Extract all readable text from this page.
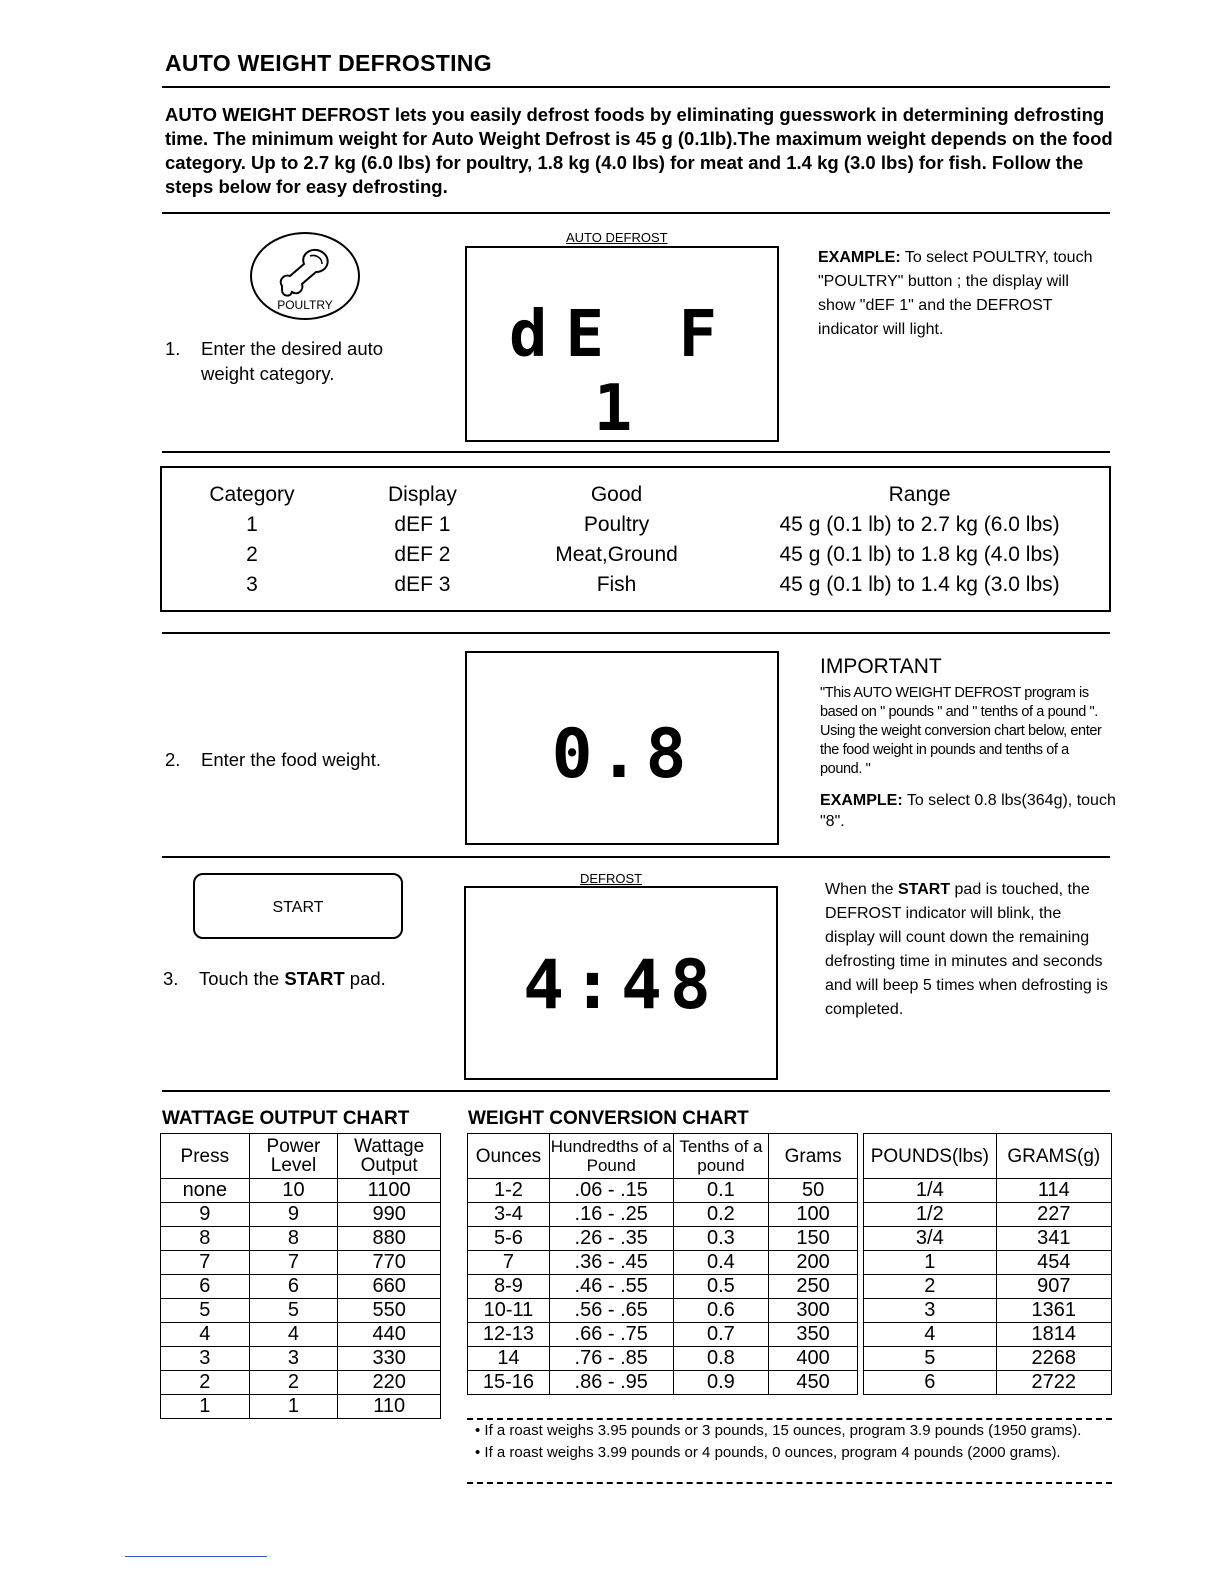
AUTO WEIGHT DEFROSTING
AUTO WEIGHT DEFROST lets you easily defrost foods by eliminating guesswork in determining defrosting time. The minimum weight for Auto Weight Defrost is 45 g (0.1lb).The maximum weight depends on the food category. Up to 2.7 kg (6.0 lbs) for poultry, 1.8 kg (4.0 lbs) for meat and 1.4 kg (3.0 lbs) for fish. Follow the steps below for easy defrosting.
POULTRY
1. Enter the desired auto weight category.
AUTO DEFROST
dE F 1
EXAMPLE: To select POULTRY, touch "POULTRY" button ; the display will show "dEF 1" and the DEFROST indicator will light.
Category	Display	Good	Range
1	dEF 1	Poultry	45 g (0.1 lb) to 2.7 kg (6.0 lbs)
2	dEF 2	Meat,Ground	45 g (0.1 lb) to 1.8 kg (4.0 lbs)
3	dEF 3	Fish	45 g (0.1 lb) to 1.4 kg (3.0 lbs)
2. Enter the food weight.	0.8
IMPORTANT
"This AUTO WEIGHT DEFROST program is based on " pounds " and " tenths of a pound ". Using the weight conversion chart below, enter the food weight in pounds and tenths of a pound. "
EXAMPLE: To select 0.8 lbs(364g), touch "8".
START
3. Touch the START pad.
DEFROST
4:48
When the START pad is touched, the DEFROST indicator will blink, the display will count down the remaining defrosting time in minutes and seconds and will beep 5 times when defrosting is completed.
WATTAGE OUTPUT CHART	WEIGHT CONVERSION CHART
Press	Power Level	Wattage Output
none	10	1100
9	9	990
8	8	880
7	7	770
6	6	660
5	5	550
4	4	440
3	3	330
2	2	220
1	1	110
Ounces	Hundredths of a Pound	Tenths of a pound	Grams
1-2	.06 - .15	0.1	50
3-4	.16 - .25	0.2	100
5-6	.26 - .35	0.3	150
7	.36 - .45	0.4	200
8-9	.46 - .55	0.5	250
10-11	.56 - .65	0.6	300
12-13	.66 - .75	0.7	350
14	.76 - .85	0.8	400
15-16	.86 - .95	0.9	450
POUNDS(lbs)	GRAMS(g)
1/4	114
1/2	227
3/4	341
1	454
2	907
3	1361
4	1814
5	2268
6	2722
• If a roast weighs 3.95 pounds or 3 pounds, 15 ounces, program 3.9 pounds (1950 grams).
• If a roast weighs 3.99 pounds or 4 pounds, 0 ounces, program 4 pounds (2000 grams).
